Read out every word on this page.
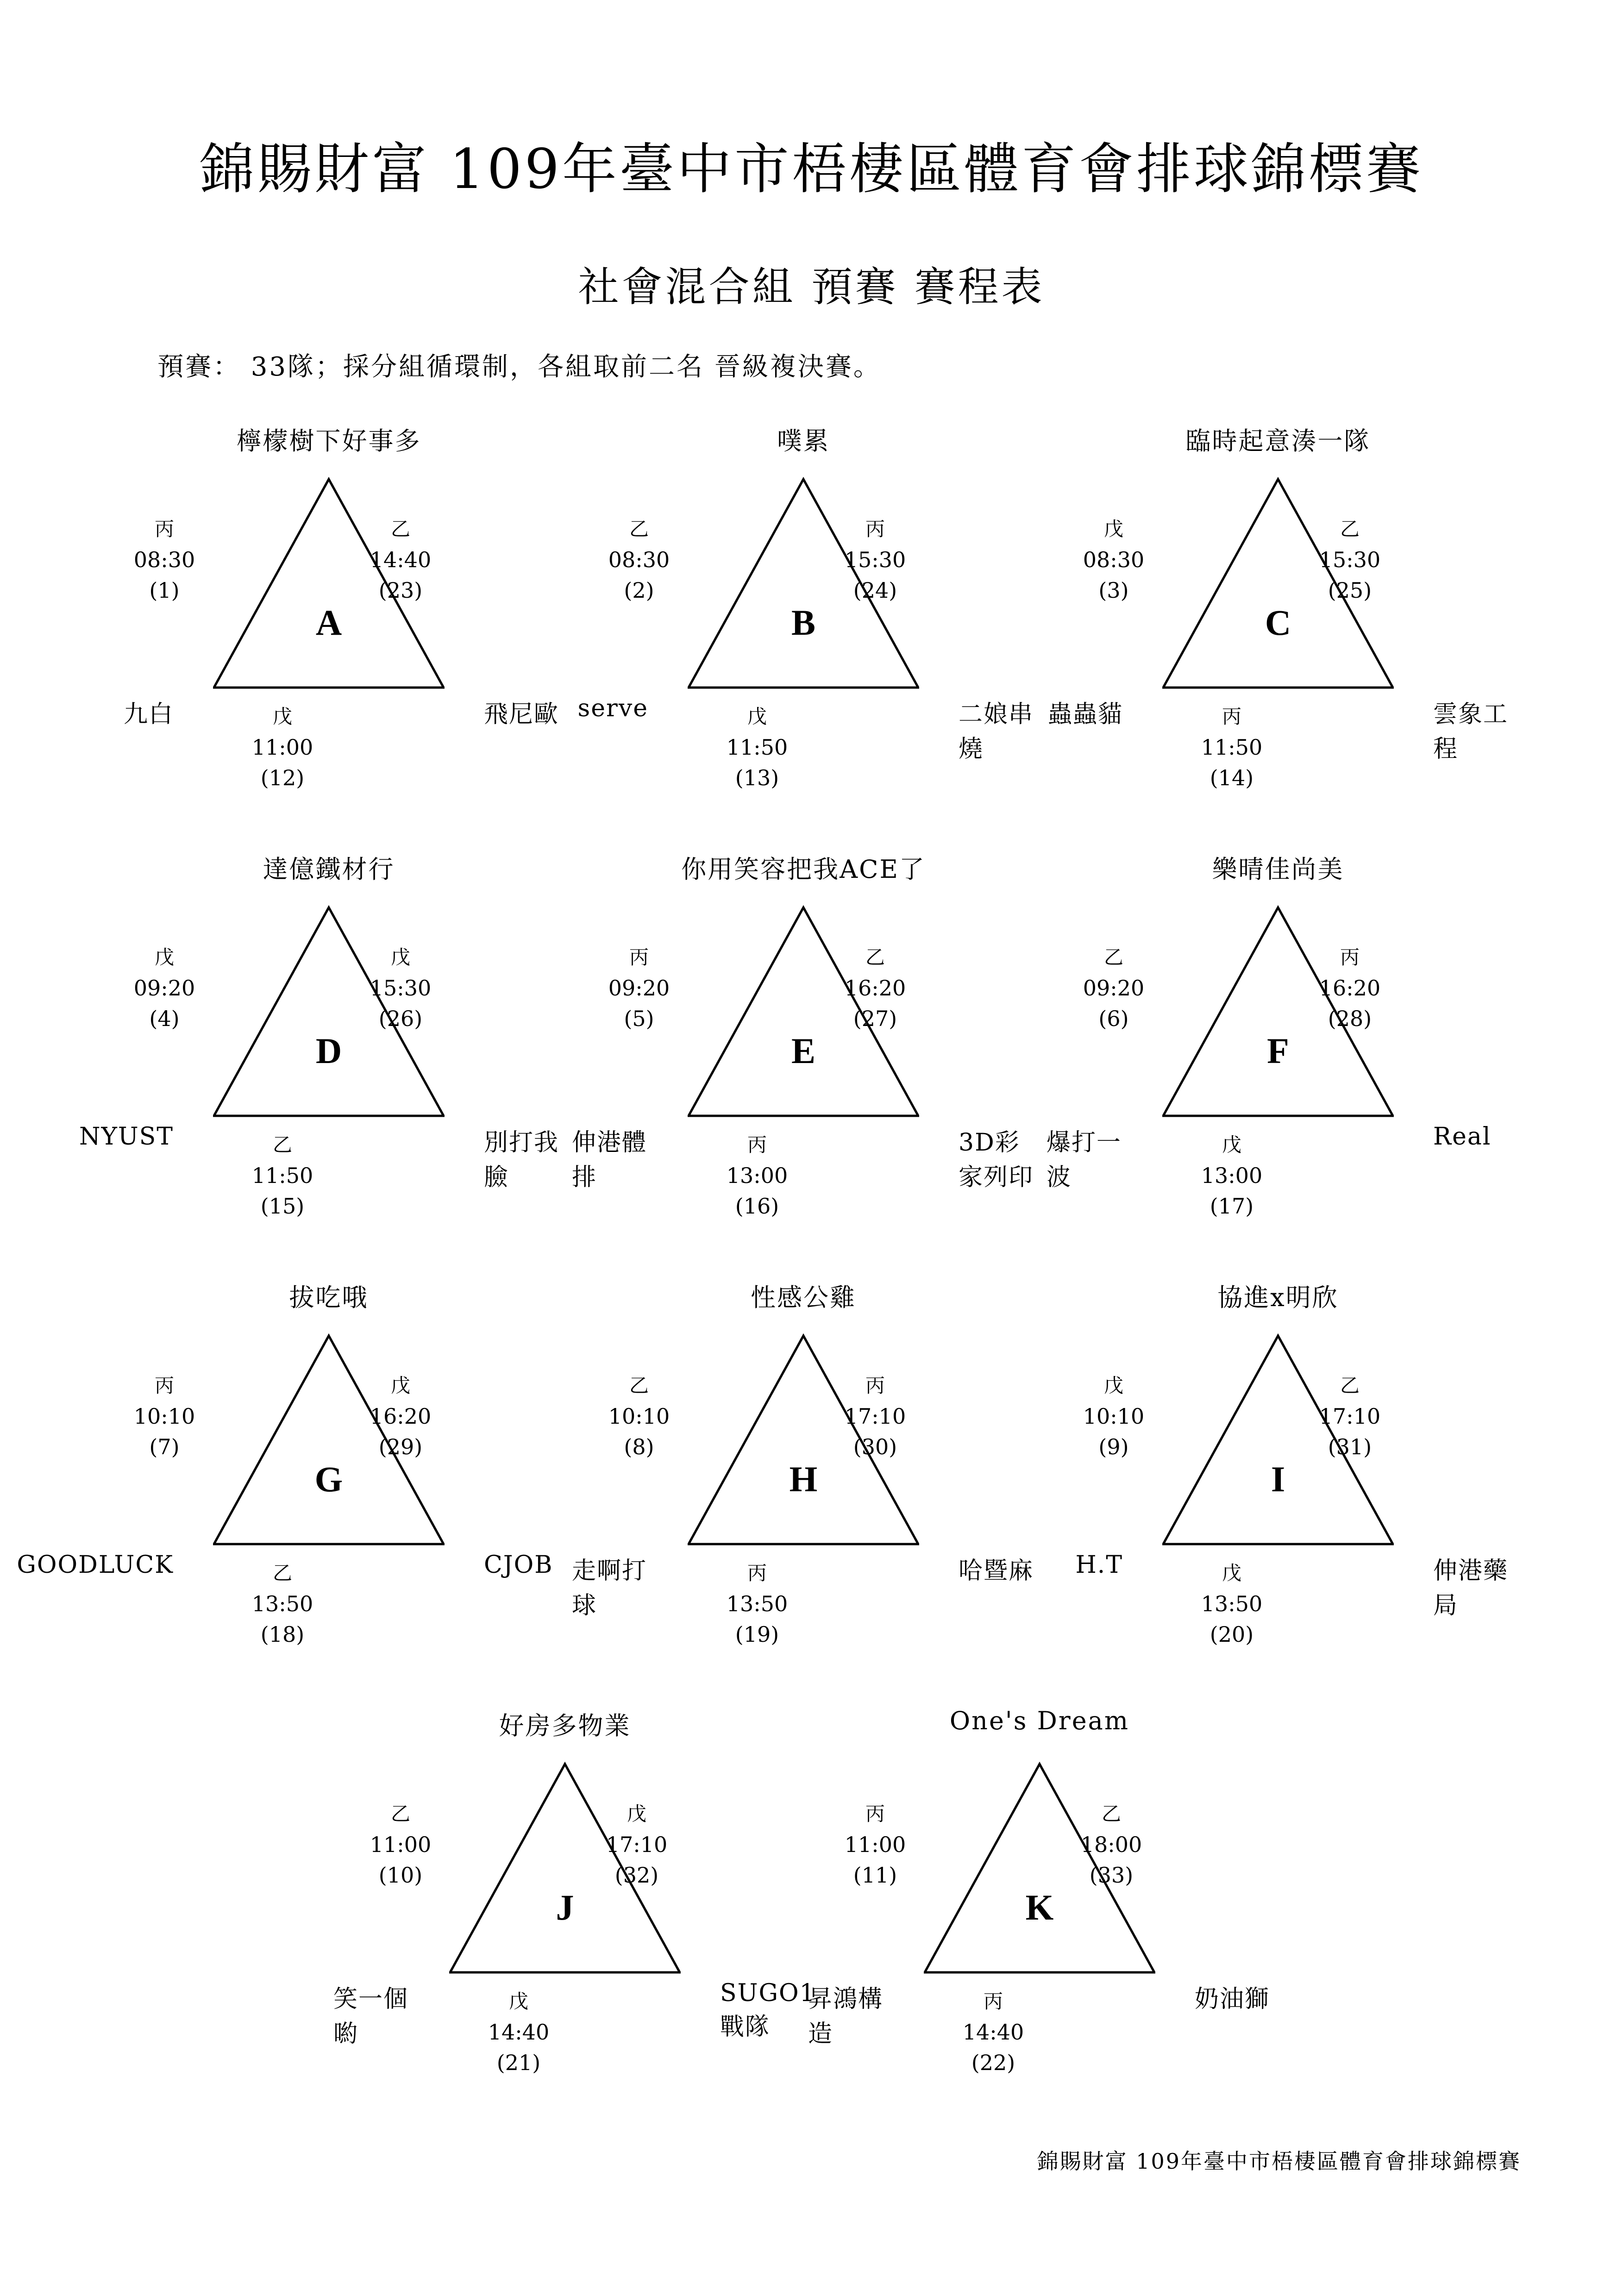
錦賜財富 109年臺中市梧棲區體育會排球錦標賽
社會混合組 預賽 賽程表
預賽： 33隊；採分組循環制，各組取前二名 晉級複決賽。
檸檬樹下好事多
A
丙
08:30
(1)
乙
14:40
(23)
戊
11:00
(12)
九白	飛尼歐
噗累
B
乙
08:30
(2)
丙
15:30
(24)
戊
11:50
(13)
serve	二娘串燒
臨時起意湊一隊
C
戊
08:30
(3)
乙
15:30
(25)
丙
11:50
(14)
蟲蟲貓	雲象工程
達億鐵材行
D
戊
09:20
(4)
戊
15:30
(26)
乙
11:50
(15)
NYUST	別打我臉
你用笑容把我ACE了
E
丙
09:20
(5)
乙
16:20
(27)
丙
13:00
(16)
伸港體排
3D彩家列印
樂晴佳尚美
F
乙
09:20
(6)
丙
16:20
(28)
戊
13:00
(17)
爆打一波
Real
拔吃哦
G
丙
10:10
(7)
戊
16:20
(29)
乙
13:50
(18)
GOODLUCK	CJOB
性感公雞
H
乙
10:10
(8)
丙
17:10
(30)
丙
13:50
(19)
走啊打球
哈暨麻
協進x明欣
I
戊
10:10
(9)
乙
17:10
(31)
戊
13:50
(20)
H.T	伸港藥局
好房多物業
J
乙
11:00
(10)
戊
17:10
(32)
戊
14:40
(21)
笑一個喲
SUGO1戰隊
One's Dream
K
丙
11:00
(11)
乙
18:00
(33)
丙
14:40
(22)
昇鴻構造
奶油獅
錦賜財富 109年臺中市梧棲區體育會排球錦標賽
